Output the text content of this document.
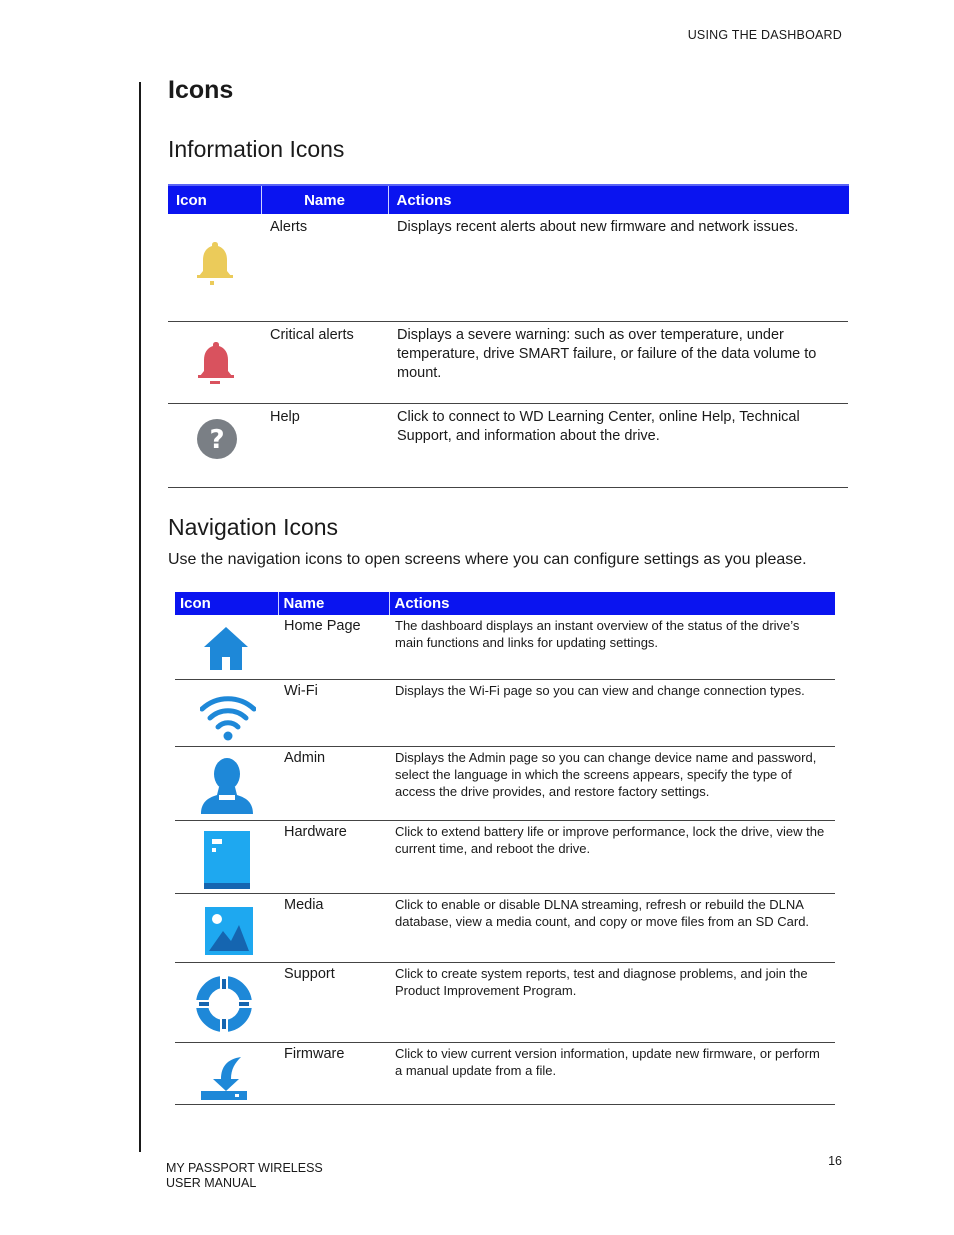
USING THE DASHBOARD
Icons
Information Icons
Icon	Name	Actions

	Alerts	Displays recent alerts about new firmware and network issues.

	Critical alerts	Displays a severe warning: such as over temperature, under temperature, drive SMART failure, or failure of the data volume to mount.

?	Help	Click to connect to WD Learning Center, online Help, Technical Support, and information about the drive.
Navigation Icons

Use the navigation icons to open screens where you can configure settings as you please.

Icon	Name	Actions

	Home Page	The dashboard displays an instant overview of the status of the drive’s main functions and links for updating settings.

	Wi-Fi	Displays the Wi-Fi page so you can view and change connection types.

	Admin	Displays the Admin page so you can change device name and password, select the language in which the screens appears, specify the type of access the drive provides, and restore factory settings.

	Hardware	Click to extend battery life or improve performance, lock the drive, view the current time, and reboot the drive.

	Media	Click to enable or disable DLNA streaming, refresh or rebuild the DLNA database, view a media count, and copy or move files from an SD Card.

	Support	Click to create system reports, test and diagnose problems, and join the Product Improvement Program.

	Firmware	Click to view current version information, update new firmware, or perform a manual update from a file.
16
MY PASSPORT WIRELESS
USER MANUAL
